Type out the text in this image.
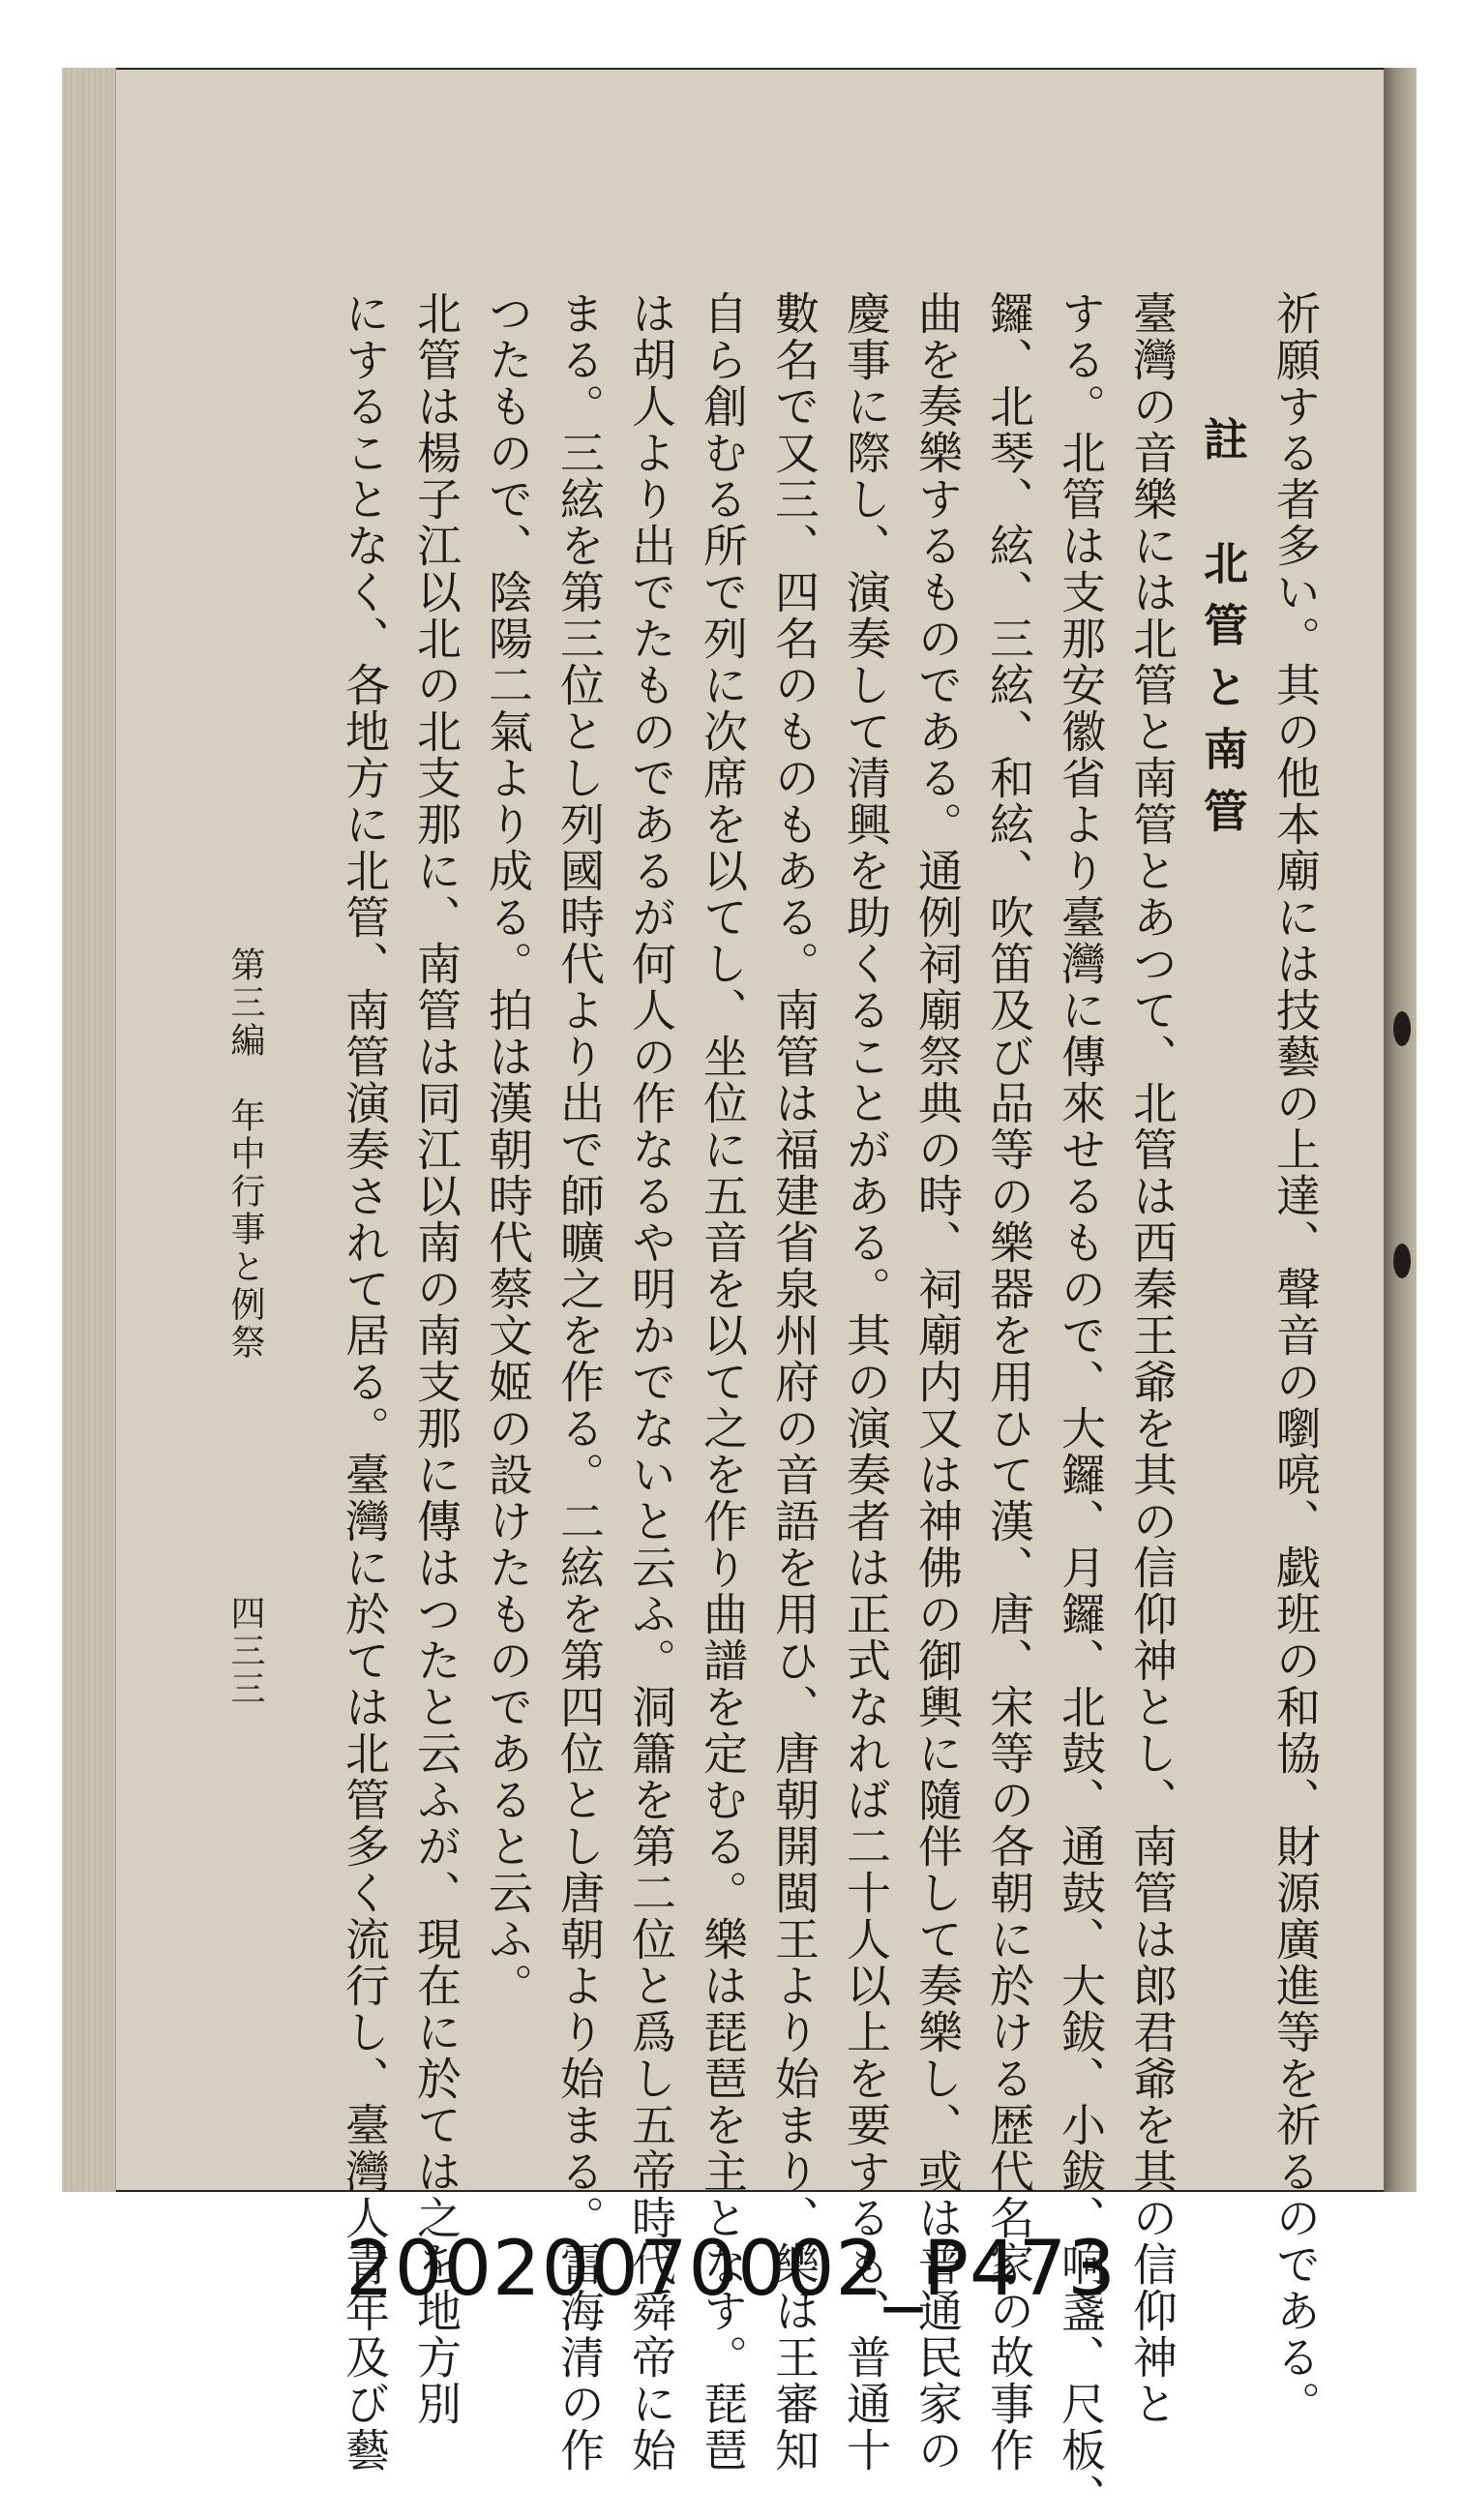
祈願する者多い。其の他本廟には技藝の上達、聲音の嚠喨、戯班の和協、財源廣進等を祈るのである。
註　北管と南管
臺灣の音樂には北管と南管とあつて、北管は西秦王爺を其の信仰神とし、南管は郎君爺を其の信仰神と
する。北管は支那安徽省より臺灣に傳來せるもので、大鑼、月鑼、北鼓、通鼓、大鈸、小鈸、响盞、尺板、
鑼、北琴、絃、三絃、和絃、吹笛及び品等の樂器を用ひて漢、唐、宋等の各朝に於ける歴代名家の故事作
曲を奏樂するものである。通例祠廟祭典の時、祠廟内又は神佛の御輿に隨伴して奏樂し、或は普通民家の
慶事に際し、演奏して清興を助くることがある。其の演奏者は正式なれば二十人以上を要するも、普通十
數名で又三、四名のものもある。南管は福建省泉州府の音語を用ひ、唐朝開閩王より始まり、樂は王審知
自ら創むる所で列に次席を以てし、坐位に五音を以て之を作り曲譜を定むる。樂は琵琶を主となす。琵琶
は胡人より出でたものであるが何人の作なるや明かでないと云ふ。洞簫を第二位と爲し五帝時代舜帝に始
まる。三絃を第三位とし列國時代より出で師曠之を作る。二絃を第四位とし唐朝より始まる。雷海清の作
つたもので、陰陽二氣より成る。拍は漢朝時代蔡文姬の設けたものであると云ふ。
北管は楊子江以北の北支那に、南管は同江以南の南支那に傳はつたと云ふが、現在に於ては之を地方別
にすることなく、各地方に北管、南管演奏されて居る。臺灣に於ては北管多く流行し、臺灣人青年及び藝
第三編　年中行事と例祭
四三三
20020070002_P473
